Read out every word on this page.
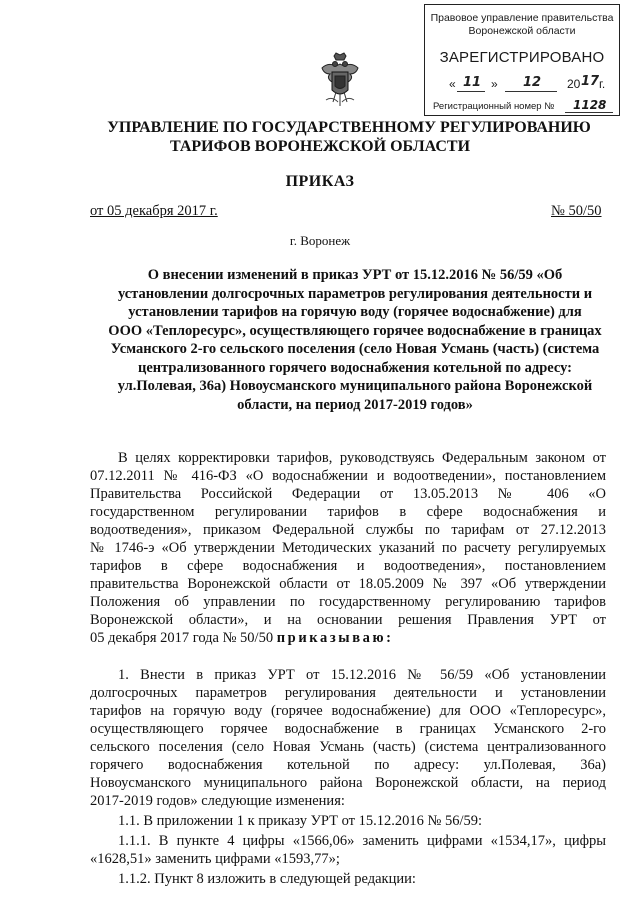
Правовое управление правительства
Воронежской области
ЗАРЕГИСТРИРОВАНО
« 11 » 12 20 17 г.
Регистрационный номер № 1128
УПРАВЛЕНИЕ ПО ГОСУДАРСТВЕННОМУ РЕГУЛИРОВАНИЮ
ТАРИФОВ ВОРОНЕЖСКОЙ ОБЛАСТИ
ПРИКАЗ
от 05 декабря 2017 г.	№ 50/50
г. Воронеж
О внесении изменений в приказ УРТ от 15.12.2016 № 56/59 «Об
установлении долгосрочных параметров регулирования деятельности и
установлении тарифов на горячую воду (горячее водоснабжение) для
ООО «Теплоресурс», осуществляющего горячее водоснабжение в границах
Усманского 2-го сельского поселения (село Новая Усмань (часть) (система
централизованного горячего водоснабжения котельной по адресу:
ул.Полевая, 36а) Новоусманского муниципального района Воронежской
области, на период 2017-2019 годов»
В целях корректировки тарифов, руководствуясь Федеральным законом от
07.12.2011 № 416-ФЗ «О водоснабжении и водоотведении», постановлением
Правительства Российской Федерации от 13.05.2013 № 406 «О
государственном регулировании тарифов в сфере водоснабжения и
водоотведения», приказом Федеральной службы по тарифам от 27.12.2013
№ 1746-э «Об утверждении Методических указаний по расчету регулируемых
тарифов в сфере водоснабжения и водоотведения», постановлением
правительства Воронежской области от 18.05.2009 № 397 «Об утверждении
Положения об управлении по государственному регулированию тарифов
Воронежской области», и на основании решения Правления УРТ от
05 декабря 2017 года № 50/50 приказываю:
1. Внести в приказ УРТ от 15.12.2016 № 56/59 «Об установлении
долгосрочных параметров регулирования деятельности и установлении
тарифов на горячую воду (горячее водоснабжение) для ООО «Теплоресурс»,
осуществляющего горячее водоснабжение в границах Усманского 2-го
сельского поселения (село Новая Усмань (часть) (система централизованного
горячего водоснабжения котельной по адресу: ул.Полевая, 36а)
Новоусманского муниципального района Воронежской области, на период
2017-2019 годов» следующие изменения:
1.1. В приложении 1 к приказу УРТ от 15.12.2016 № 56/59:
1.1.1. В пункте 4 цифры «1566,06» заменить цифрами «1534,17», цифры
«1628,51» заменить цифрами «1593,77»;
1.1.2. Пункт 8 изложить в следующей редакции:
